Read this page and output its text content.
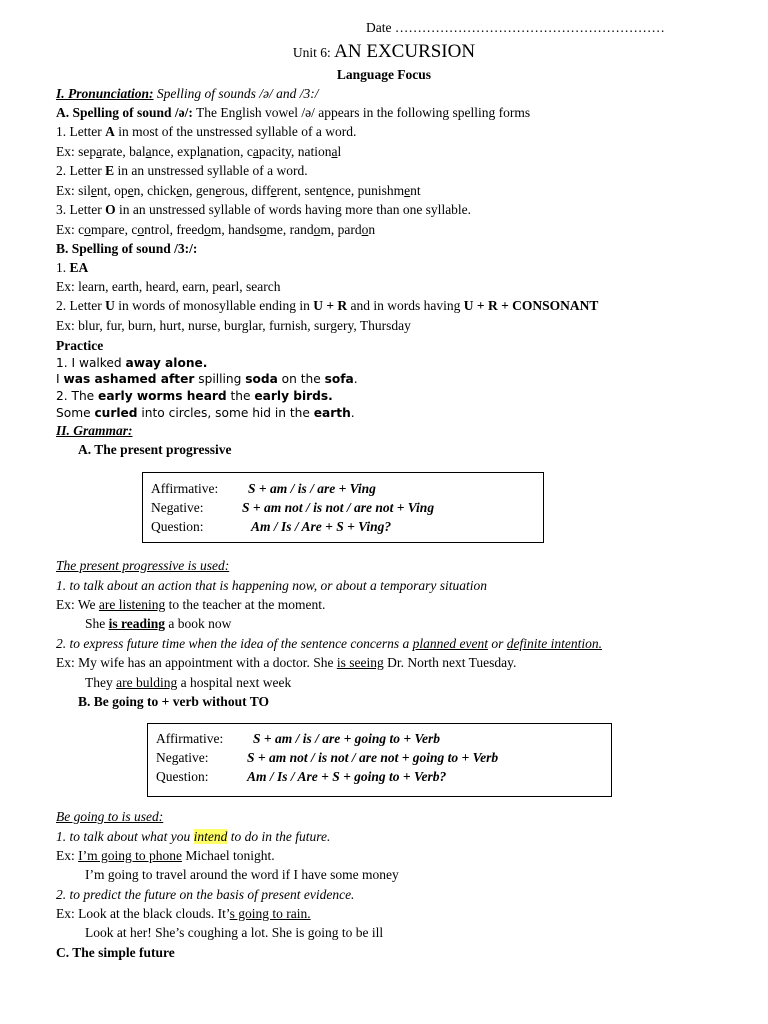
Date ……………………………………………………
Unit 6: AN EXCURSION
Language Focus
I. Pronunciation: Spelling of sounds /ə/ and /3:/
A. Spelling of sound /ə/: The English vowel /ə/ appears in the following spelling forms
1. Letter A in most of the unstressed syllable of a word.
Ex: separate, balance, explanation, capacity, national
2. Letter E in an unstressed syllable of a word.
Ex: silent, open, chicken, generous, different, sentence, punishment
3. Letter O in an unstressed syllable of words having more than one syllable.
Ex: compare, control, freedom, handsome, random, pardon
B. Spelling of sound /3:/:
1. EA
Ex: learn, earth, heard, earn, pearl, search
2. Letter U in words of monosyllable ending in U + R and in words having U + R + CONSONANT
Ex: blur, fur, burn, hurt, nurse, burglar, furnish, surgery, Thursday
Practice
1. I walked away alone.
I was ashamed after spilling soda on the sofa.
2. The early worms heard the early birds.
Some curled into circles, some hid in the earth.
II. Grammar:
A. The present progressive
Affirmative: S + am / is / are + Ving
Negative:	S + am not / is not / are not + Ving
Question:	Am / Is / Are + S + Ving?
The present progressive is used:
1. to talk about an action that is happening now, or about a temporary situation
Ex: We are listening to the teacher at the moment.
She is reading a book now
2. to express future time when the idea of the sentence concerns a planned event or definite intention.
Ex: My wife has an appointment with a doctor. She is seeing Dr. North next Tuesday.
They are bulding a hospital next week
B. Be going to + verb without TO
Affirmative: S + am / is / are + going to + Verb
Negative:	S + am not / is not / are not + going to + Verb
Question:	Am / Is / Are + S + going to + Verb?
Be going to is used:
1. to talk about what you intend to do in the future.
Ex: I’m going to phone Michael tonight.
I’m going to travel around the word if I have some money
2. to predict the future on the basis of present evidence.
Ex: Look at the black clouds. It’s going to rain.
Look at her! She’s coughing a lot. She is going to be ill
C. The simple future
